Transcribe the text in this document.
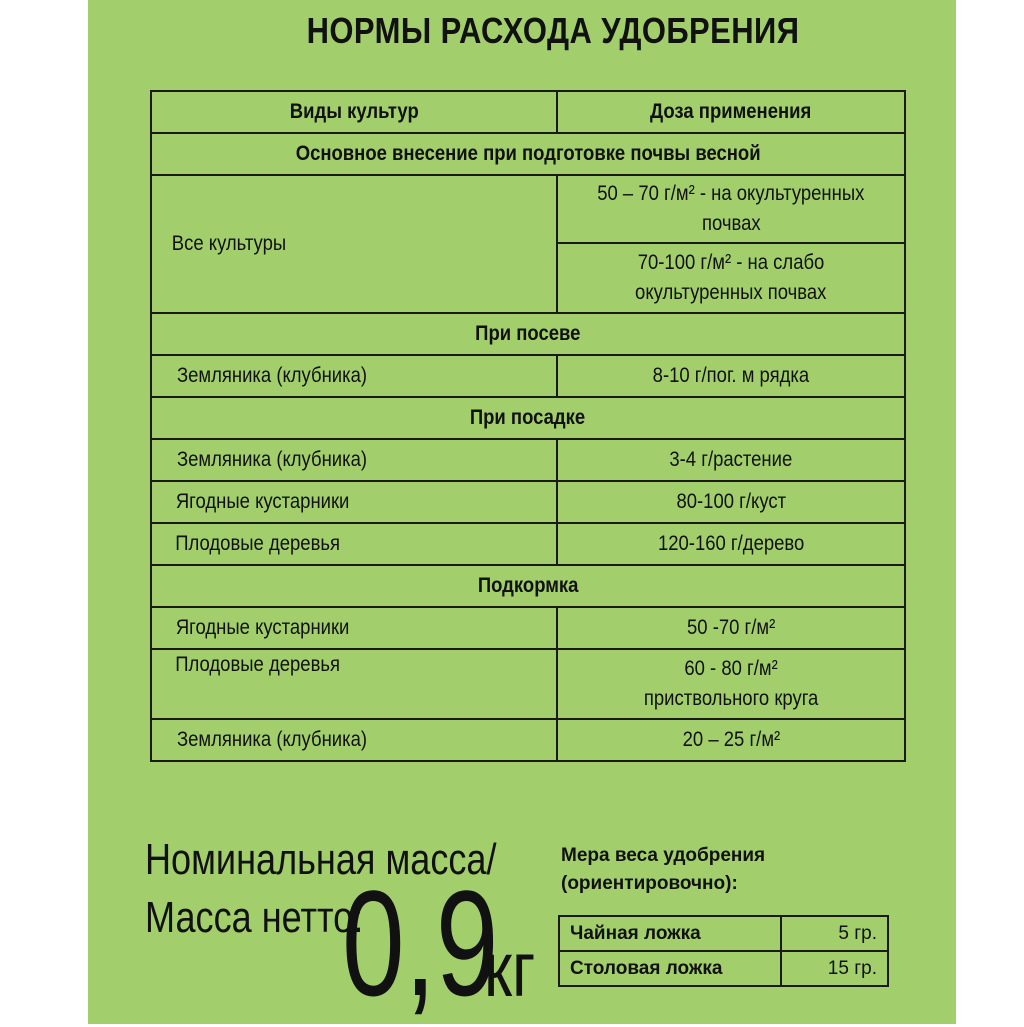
НОРМЫ РАСХОДА УДОБРЕНИЯ
Виды культур	Доза применения
Основное внесение при подготовке почвы весной	
Все культуры	50 – 70 г/м² - на окультуренных
почвах
	70-100 г/м² - на слабо
окультуренных почвах
При посеве	
Земляника (клубника)	8-10 г/пог. м рядка
При посадке	
Земляника (клубника)	3-4 г/растение
Ягодные кустарники	80-100 г/куст
Плодовые деревья	120-160 г/дерево
Подкормка	
Ягодные кустарники	50 -70 г/м²
Плодовые деревья	60 - 80 г/м²
приствольного круга
Земляника (клубника)	20 – 25 г/м²
Номинальная масса/
Масса нетто:
0,9
кг
Мера веса удобрения
(ориентировочно):
Чайная ложка	5 гр.
Столовая ложка	15 гр.
